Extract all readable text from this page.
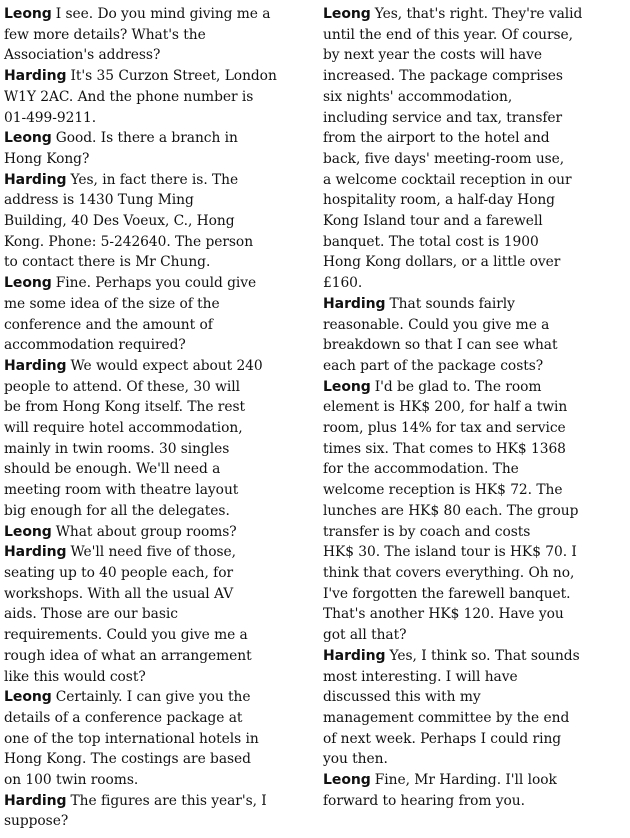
Leong I see. Do you mind giving me a
few more details? What's the
Association's address?

Harding It's 35 Curzon Street, London
W1Y 2AC. And the phone number is
01-499-9211.

Leong Good. Is there a branch in
Hong Kong?

Harding Yes, in fact there is. The
address is 1430 Tung Ming
Building, 40 Des Voeux, C., Hong
Kong. Phone: 5-242640. The person
to contact there is Mr Chung.

Leong Fine. Perhaps you could give
me some idea of the size of the
conference and the amount of
accommodation required?

Harding We would expect about 240
people to attend. Of these, 30 will
be from Hong Kong itself. The rest
will require hotel accommodation,
mainly in twin rooms. 30 singles
should be enough. We'll need a
meeting room with theatre layout
big enough for all the delegates.

Leong What about group rooms?

Harding We'll need five of those,
seating up to 40 people each, for
workshops. With all the usual AV
aids. Those are our basic
requirements. Could you give me a
rough idea of what an arrangement
like this would cost?

Leong Certainly. I can give you the
details of a conference package at
one of the top international hotels in
Hong Kong. The costings are based
on 100 twin rooms.

Harding The figures are this year's, I
suppose?

Leong Yes, that's right. They're valid
until the end of this year. Of course,
by next year the costs will have
increased. The package comprises
six nights' accommodation,
including service and tax, transfer
from the airport to the hotel and
back, five days' meeting-room use,
a welcome cocktail reception in our
hospitality room, a half-day Hong
Kong Island tour and a farewell
banquet. The total cost is 1900
Hong Kong dollars, or a little over
£160.

Harding That sounds fairly
reasonable. Could you give me a
breakdown so that I can see what
each part of the package costs?

Leong I'd be glad to. The room
element is HK$ 200, for half a twin
room, plus 14% for tax and service
times six. That comes to HK$ 1368
for the accommodation. The
welcome reception is HK$ 72. The
lunches are HK$ 80 each. The group
transfer is by coach and costs
HK$ 30. The island tour is HK$ 70. I
think that covers everything. Oh no,
I've forgotten the farewell banquet.
That's another HK$ 120. Have you
got all that?

Harding Yes, I think so. That sounds
most interesting. I will have
discussed this with my
management committee by the end
of next week. Perhaps I could ring
you then.

Leong Fine, Mr Harding. I'll look
forward to hearing from you.
